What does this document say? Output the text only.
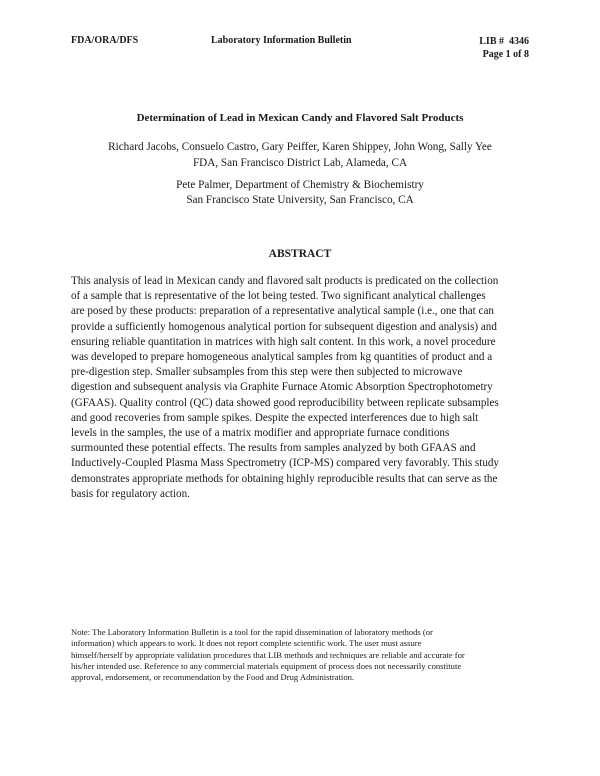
FDA/ORA/DFS	Laboratory Information Bulletin	LIB #  4346
Page 1 of 8
Determination of Lead in Mexican Candy and Flavored Salt Products
Richard Jacobs, Consuelo Castro, Gary Peiffer, Karen Shippey, John Wong, Sally Yee
FDA, San Francisco District Lab, Alameda, CA
Pete Palmer, Department of Chemistry & Biochemistry
San Francisco State University, San Francisco, CA
ABSTRACT
This analysis of lead in Mexican candy and flavored salt products is predicated on the collection
of a sample that is representative of the lot being tested. Two significant analytical challenges
are posed by these products: preparation of a representative analytical sample (i.e., one that can
provide a sufficiently homogenous analytical portion for subsequent digestion and analysis) and
ensuring reliable quantitation in matrices with high salt content. In this work, a novel procedure
was developed to prepare homogeneous analytical samples from kg quantities of product and a
pre-digestion step. Smaller subsamples from this step were then subjected to microwave
digestion and subsequent analysis via Graphite Furnace Atomic Absorption Spectrophotometry
(GFAAS). Quality control (QC) data showed good reproducibility between replicate subsamples
and good recoveries from sample spikes. Despite the expected interferences due to high salt
levels in the samples, the use of a matrix modifier and appropriate furnace conditions
surmounted these potential effects. The results from samples analyzed by both GFAAS and
Inductively-Coupled Plasma Mass Spectrometry (ICP-MS) compared very favorably. This study
demonstrates appropriate methods for obtaining highly reproducible results that can serve as the
basis for regulatory action.
Note: The Laboratory Information Bulletin is a tool for the rapid dissemination of laboratory methods (or
information) which appears to work. It does not report complete scientific work. The user must assure
himself/herself by appropriate validation procedures that LIB methods and techniques are reliable and accurate for
his/her intended use. Reference to any commercial materials equipment of process does not necessarily constitute
approval, endorsement, or recommendation by the Food and Drug Administration.
